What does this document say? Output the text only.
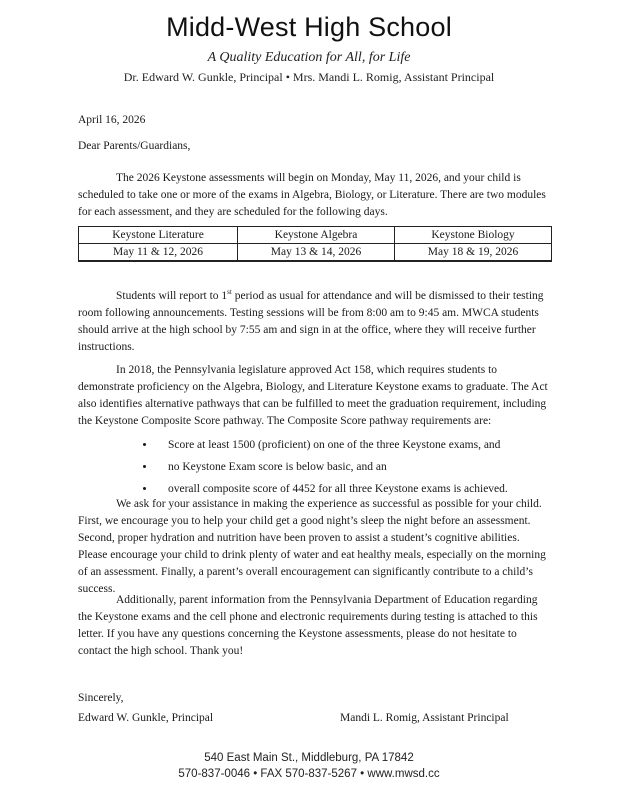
Midd-West High School
A Quality Education for All, for Life
Dr. Edward W. Gunkle, Principal • Mrs. Mandi L. Romig, Assistant Principal
April 16, 2026
Dear Parents/Guardians,
The 2026 Keystone assessments will begin on Monday, May 11, 2026, and your child is scheduled to take one or more of the exams in Algebra, Biology, or Literature. There are two modules for each assessment, and they are scheduled for the following days.
Keystone Literature	Keystone Algebra	Keystone Biology
May 11 & 12, 2026	May 13 & 14, 2026	May 18 & 19, 2026
Students will report to 1st period as usual for attendance and will be dismissed to their testing room following announcements. Testing sessions will be from 8:00 am to 9:45 am. MWCA students should arrive at the high school by 7:55 am and sign in at the office, where they will receive further instructions.
In 2018, the Pennsylvania legislature approved Act 158, which requires students to demonstrate proficiency on the Algebra, Biology, and Literature Keystone exams to graduate. The Act also identifies alternative pathways that can be fulfilled to meet the graduation requirement, including the Keystone Composite Score pathway. The Composite Score pathway requirements are:
• Score at least 1500 (proficient) on one of the three Keystone exams, and
• no Keystone Exam score is below basic, and an
• overall composite score of 4452 for all three Keystone exams is achieved.
We ask for your assistance in making the experience as successful as possible for your child. First, we encourage you to help your child get a good night’s sleep the night before an assessment. Second, proper hydration and nutrition have been proven to assist a student’s cognitive abilities. Please encourage your child to drink plenty of water and eat healthy meals, especially on the morning of an assessment. Finally, a parent’s overall encouragement can significantly contribute to a child’s success.
Additionally, parent information from the Pennsylvania Department of Education regarding the Keystone exams and the cell phone and electronic requirements during testing is attached to this letter. If you have any questions concerning the Keystone assessments, please do not hesitate to contact the high school. Thank you!
Sincerely,
Edward W. Gunkle, Principal	Mandi L. Romig, Assistant Principal
540 East Main St., Middleburg, PA 17842
570-837-0046 • FAX 570-837-5267 • www.mwsd.cc
